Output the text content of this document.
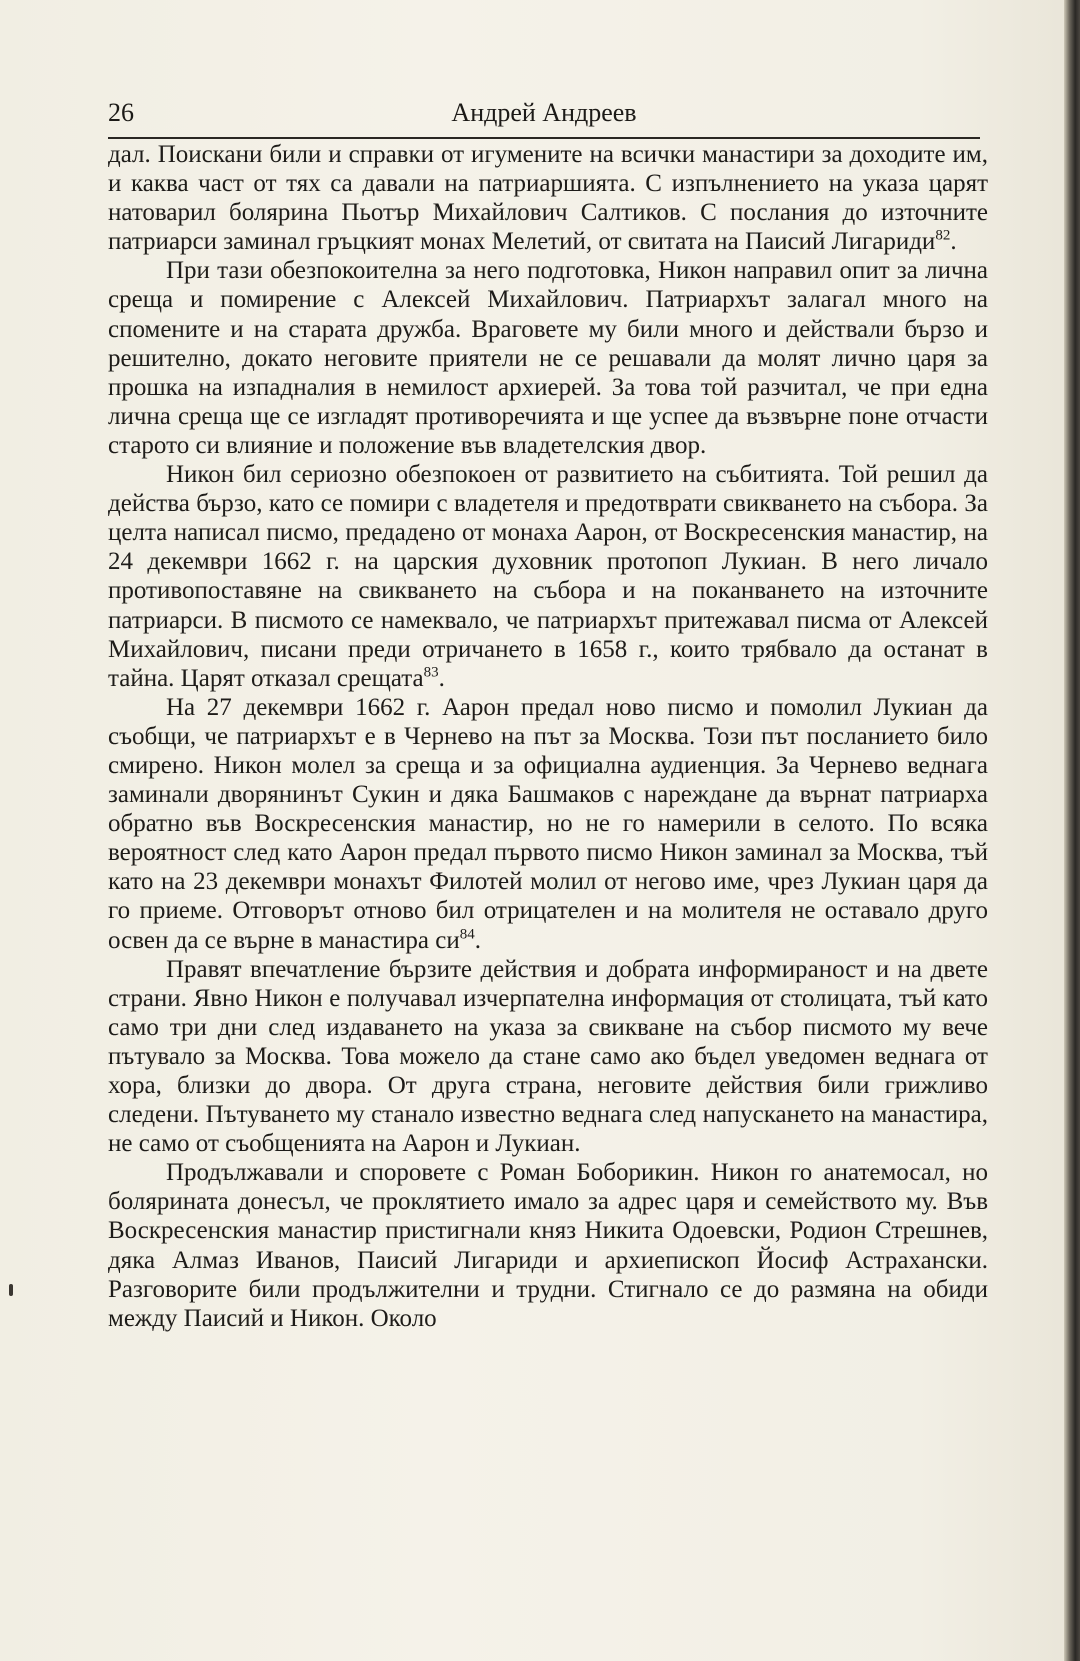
26	Андрей Андреев

дал. Поискани били и справки от игумените на всички манастири за доходите им, и каква част от тях са давали на патриаршията. С изпълнението на указа царят натоварил болярина Пьотър Михайлович Салтиков. С послания до източните патриарси заминал гръцкият монах Мелетий, от свитата на Паисий Лигариди$^{82}$.

При тази обезпокоителна за него подготовка, Никон направил опит за лична среща и помирение с Алексей Михайлович. Патриархът залагал много на спомените и на старата дружба. Враговете му били много и действали бързо и решително, докато неговите приятели не се решавали да молят лично царя за прошка на изпадналия в немилост архиерей. За това той разчитал, че при една лична среща ще се изгладят противоречията и ще успее да възвърне поне отчасти старото си влияние и положение във владетелския двор.

Никон бил сериозно обезпокоен от развитието на събитията. Той решил да действа бързо, като се помири с владетеля и предотврати свикването на събора. За целта написал писмо, предадено от монаха Аарон, от Воскресенския манастир, на 24 декември 1662 г. на царския духовник протопоп Лукиан. В него личало противопоставяне на свикването на събора и на поканването на източните патриарси. В писмото се намеквало, че патриархът притежавал писма от Алексей Михайлович, писани преди отричането в 1658 г., които трябвало да останат в тайна. Царят отказал срещата$^{83}$.

На 27 декември 1662 г. Аарон предал ново писмо и помолил Лукиан да съобщи, че патриархът е в Чернево на път за Москва. Този път посланието било смирено. Никон молел за среща и за официална аудиенция. За Чернево веднага заминали дворянинът Сукин и дяка Башмаков с нареждане да върнат патриарха обратно във Воскресенския манастир, но не го намерили в селото. По всяка вероятност след като Аарон предал първото писмо Никон заминал за Москва, тъй като на 23 декември монахът Филотей молил от негово име, чрез Лукиан царя да го приеме. Отговорът отново бил отрицателен и на молителя не оставало друго освен да се върне в манастира $си^{84}$.

Правят впечатление бързите действия и добрата информираност и на двете страни. Явно Никон е получавал изчерпателна информация от столицата, тъй като само три дни след издаването на указа за свикване на събор писмото му вече пътувало за Москва. Това можело да стане само ако бъдел уведомен веднага от хора, близки до двора. От друга страна, неговите действия били грижливо следени. Пътуването му станало известно веднага след напускането на манастира, не само от съобщенията на Аарон и Лукиан.

Продължавали и споровете с Роман Боборикин. Никон го анатемосал, но болярината донесъл, че проклятието имало за адрес царя и семейството му. Във Воскресенския манастир пристигнали княз Никита Одоевски, Родион Стрешнев, дяка Алмаз Иванов, Паисий Лигариди и архиепископ Йосиф Астрахански. Разговорите били продължителни и трудни. Стигнало се до размяна на обиди между Паисий и Никон. Около
